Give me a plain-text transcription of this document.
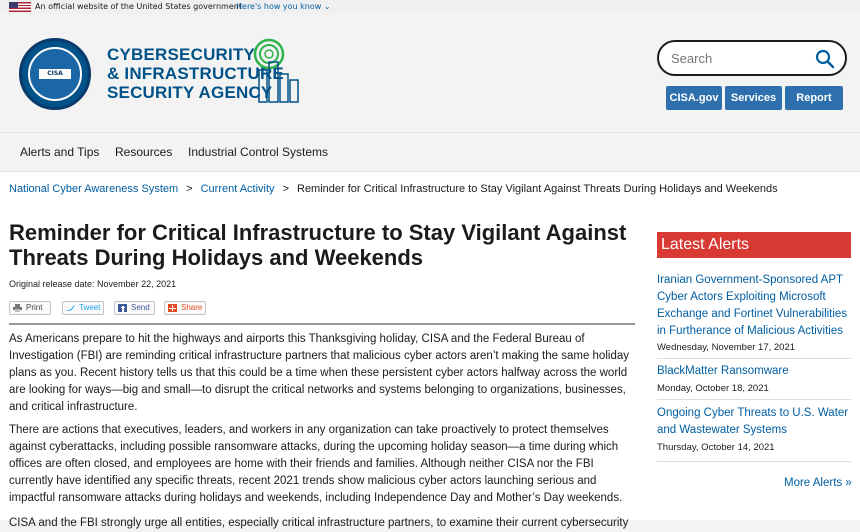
An official website of the United States government
Here's how you know ⌄
CISA
CYBERSECURITY
& INFRASTRUCTURE
SECURITY AGENCY
Search	CISA.gov	Services	Report
Alerts and Tips Resources Industrial Control Systems
National Cyber Awareness System > Current Activity > Reminder for Critical Infrastructure to Stay Vigilant Against Threats During Holidays and Weekends
Reminder for Critical Infrastructure to Stay Vigilant Against Threats During Holidays and Weekends
Original release date: November 22, 2021
Print	Tweet	Send	Share

As Americans prepare to hit the highways and airports this Thanksgiving holiday, CISA and the Federal Bureau of Investigation (FBI) are reminding critical infrastructure partners that malicious cyber actors aren’t making the same holiday plans as you. Recent history tells us that this could be a time when these persistent cyber actors halfway across the world are looking for ways—big and small—to disrupt the critical networks and systems belonging to organizations, businesses, and critical infrastructure.

There are actions that executives, leaders, and workers in any organization can take proactively to protect themselves against cyberattacks, including possible ransomware attacks, during the upcoming holiday season—a time during which offices are often closed, and employees are home with their friends and families. Although neither CISA nor the FBI currently have identified any specific threats, recent 2021 trends show malicious cyber actors launching serious and impactful ransomware attacks during holidays and weekends, including Independence Day and Mother’s Day weekends.

CISA and the FBI strongly urge all entities, especially critical infrastructure partners, to examine their current cybersecurity

Latest Alerts
Iranian Government-Sponsored APT Cyber Actors Exploiting Microsoft Exchange and Fortinet Vulnerabilities in Furtherance of Malicious Activities
Wednesday, November 17, 2021
BlackMatter Ransomware
Monday, October 18, 2021
Ongoing Cyber Threats to U.S. Water and Wastewater Systems
Thursday, October 14, 2021
More Alerts »
